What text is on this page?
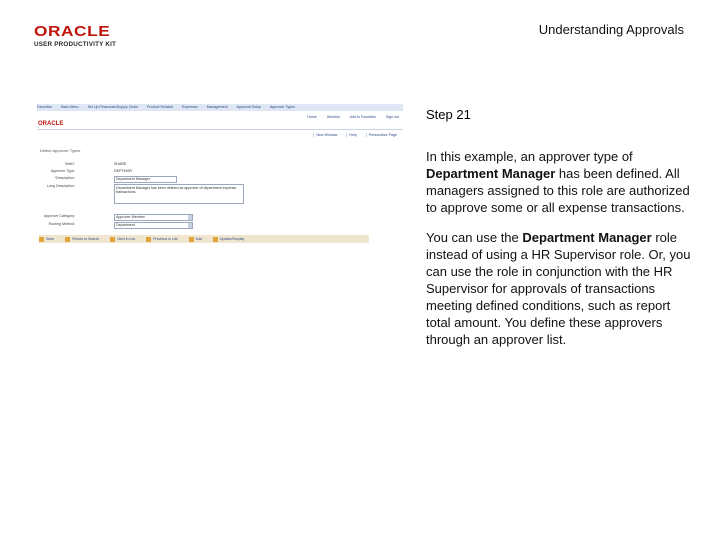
ORACLE
USER PRODUCTIVITY KIT
Understanding Approvals
Favorites	Main Menu	Set Up Financials/Supply Chain	Product Related	Expenses	Management Approval Setup Approver Types
Home	Worklist	Add to Favorites	Sign out
ORACLE
New Window	Help	Personalize Page
Define Approver Types
SetID:	SHARE
Approver Type:	DEPTMGR
*Description:	Department Manager
Long Description:	Department Manager has been defined as approver of department expense transactions.
Approver Category:	Approver Member
Routing Method:	Department
Save	Return to Search	Next in List	Previous in List	Add	Update/Display
Step 21

In this example, an approver type of Department Manager has been defined. All managers assigned to this role are authorized to approve some or all expense transactions.

You can use the Department Manager role instead of using a HR Supervisor role. Or, you can use the role in conjunction with the HR Supervisor for approvals of transactions meeting defined conditions, such as report total amount. You define these approvers through an approver list.
